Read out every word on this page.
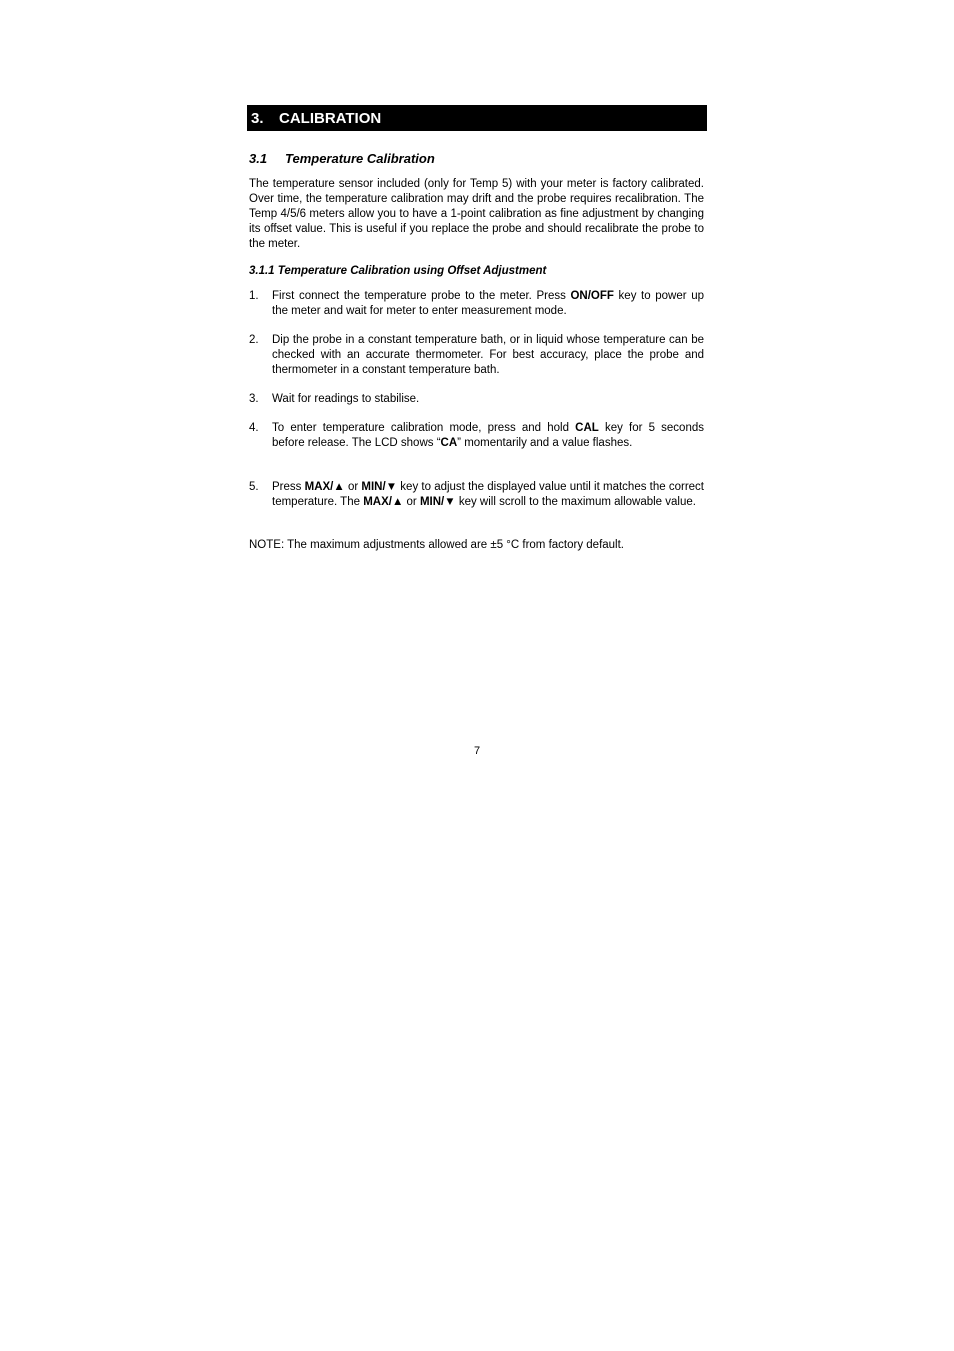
3.	CALIBRATION
3.1 Temperature Calibration
The temperature sensor included (only for Temp 5) with your meter is factory calibrated. Over time, the temperature calibration may drift and the probe requires recalibration. The Temp 4/5/6 meters allow you to have a 1-point calibration as fine adjustment by changing its offset value. This is useful if you replace the probe and should recalibrate the probe to the meter.
3.1.1 Temperature Calibration using Offset Adjustment
1. First connect the temperature probe to the meter. Press ON/OFF key to power up the meter and wait for meter to enter measurement mode.
2. Dip the probe in a constant temperature bath, or in liquid whose temperature can be checked with an accurate thermometer. For best accuracy, place the probe and thermometer in a constant temperature bath.
3. Wait for readings to stabilise.
4. To enter temperature calibration mode, press and hold CAL key for 5 seconds before release. The LCD shows “CA” momentarily and a value flashes.
5. Press MAX/▲ or MIN/▼ key to adjust the displayed value until it matches the correct temperature. The MAX/▲ or MIN/▼ key will scroll to the maximum allowable value.
NOTE: The maximum adjustments allowed are ±5 °C from factory default.
7
